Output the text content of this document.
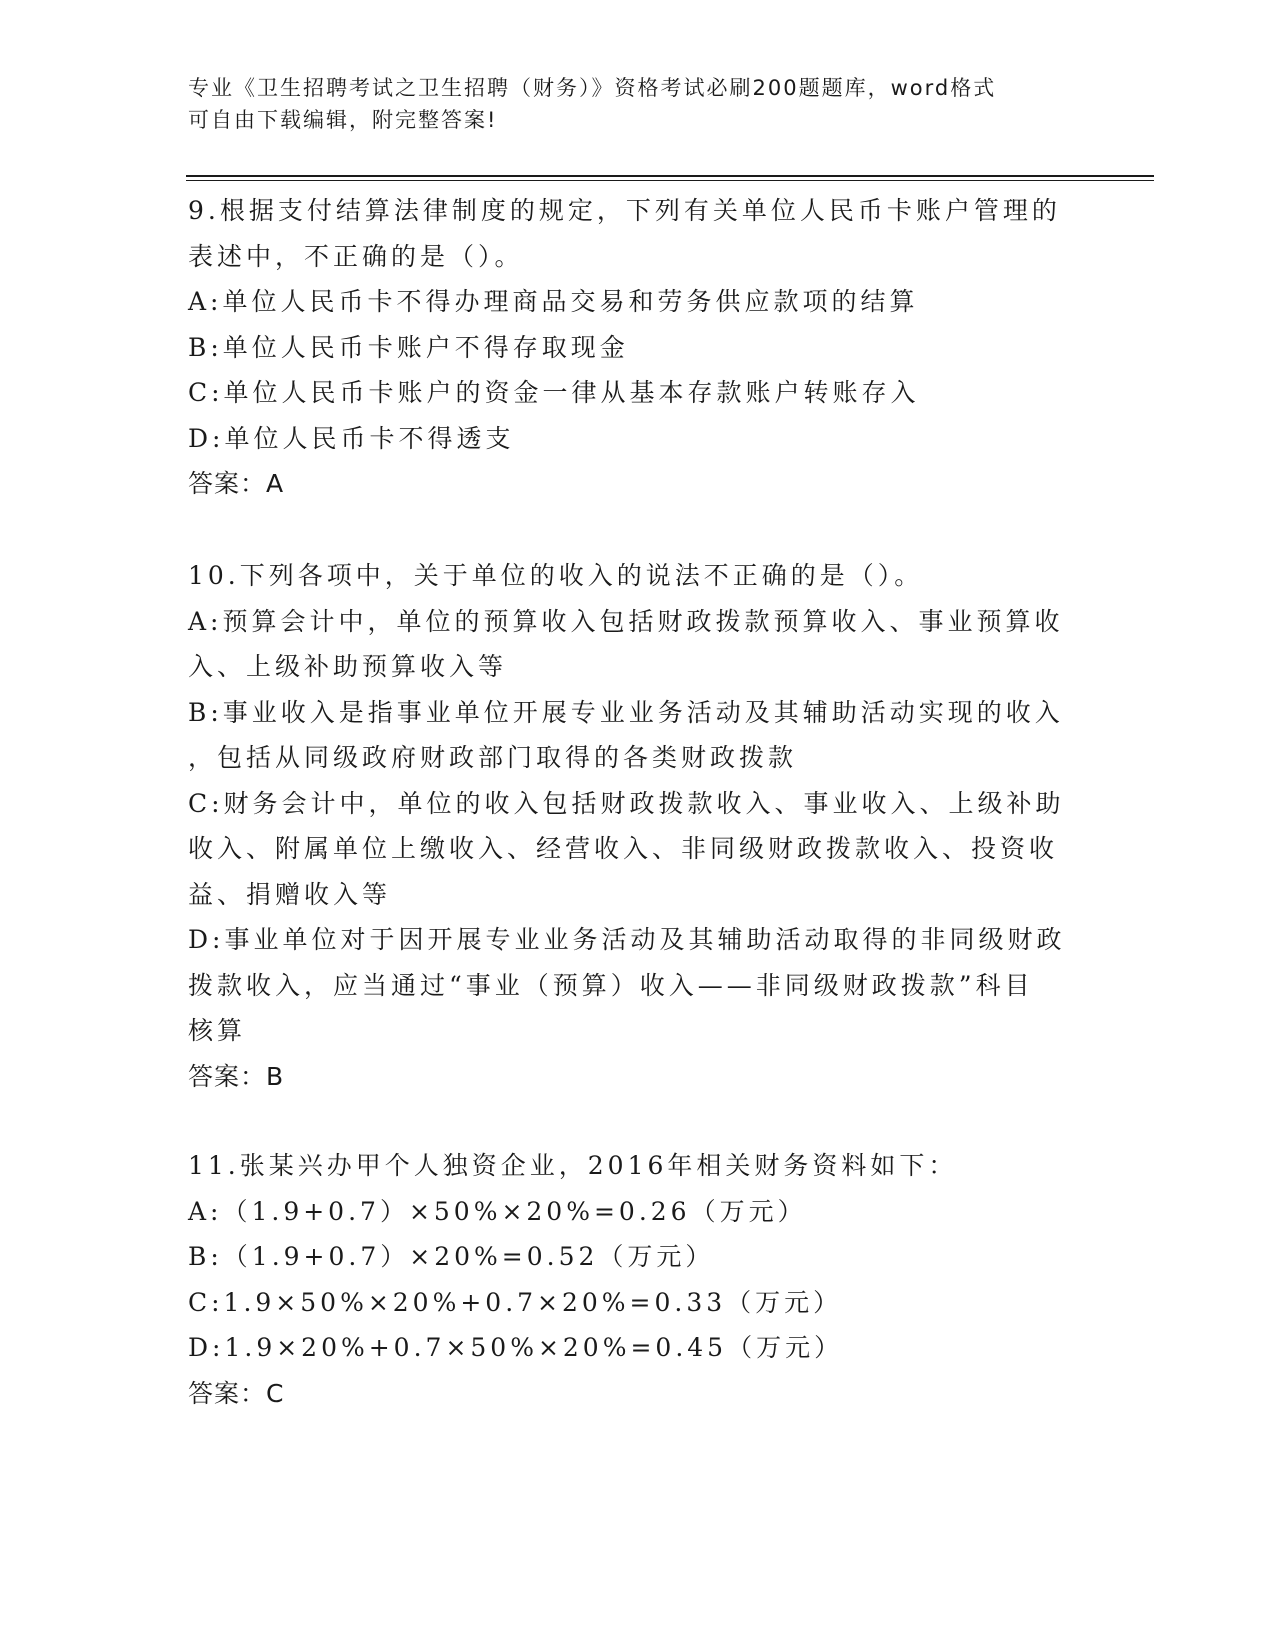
专业《卫生招聘考试之卫生招聘（财务）》资格考试必刷200题题库，word格式
可自由下载编辑，附完整答案!

9.根据支付结算法律制度的规定，下列有关单位人民币卡账户管理的

表述中，不正确的是（）。

A:单位人民币卡不得办理商品交易和劳务供应款项的结算

B:单位人民币卡账户不得存取现金

C:单位人民币卡账户的资金一律从基本存款账户转账存入

D:单位人民币卡不得透支

答案：A

10.下列各项中，关于单位的收入的说法不正确的是（）。

A:预算会计中，单位的预算收入包括财政拨款预算收入、事业预算收

入、上级补助预算收入等

B:事业收入是指事业单位开展专业业务活动及其辅助活动实现的收入

，包括从同级政府财政部门取得的各类财政拨款

C:财务会计中，单位的收入包括财政拨款收入、事业收入、上级补助

收入、附属单位上缴收入、经营收入、非同级财政拨款收入、投资收

益、捐赠收入等

D:事业单位对于因开展专业业务活动及其辅助活动取得的非同级财政

拨款收入，应当通过“事业（预算）收入——非同级财政拨款”科目

核算

答案：B

11.张某兴办甲个人独资企业，2016年相关财务资料如下：

A:（1.9+0.7）×50%×20%=0.26（万元）

B:（1.9+0.7）×20%=0.52（万元）

C:1.9×50%×20%+0.7×20%=0.33（万元）

D:1.9×20%+0.7×50%×20%=0.45（万元）

答案：C
